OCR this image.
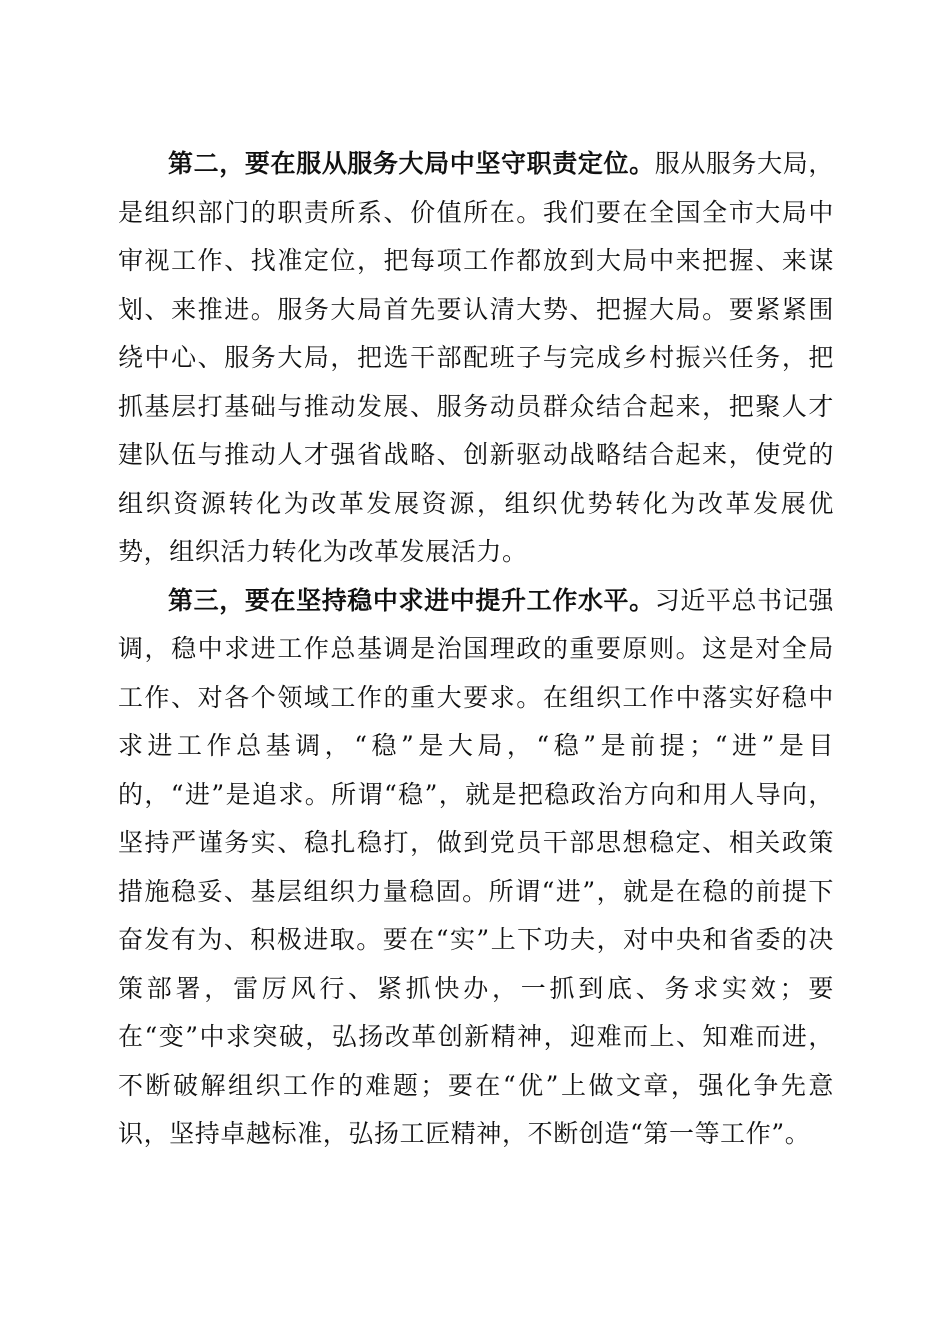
第二，要在服从服务大局中坚守职责定位。服从服务大局，是组织部门的职责所系、价值所在。我们要在全国全市大局中审视工作、找准定位，把每项工作都放到大局中来把握、来谋划、来推进。服务大局首先要认清大势、把握大局。要紧紧围绕中心、服务大局，把选干部配班子与完成乡村振兴任务，把抓基层打基础与推动发展、服务动员群众结合起来，把聚人才建队伍与推动人才强省战略、创新驱动战略结合起来，使党的组织资源转化为改革发展资源，组织优势转化为改革发展优势，组织活力转化为改革发展活力。

第三，要在坚持稳中求进中提升工作水平。习近平总书记强调，稳中求进工作总基调是治国理政的重要原则。这是对全局工作、对各个领域工作的重大要求。在组织工作中落实好稳中求进工作总基调，“稳”是大局，“稳”是前提；“进”是目的，“进”是追求。所谓“稳”，就是把稳政治方向和用人导向，坚持严谨务实、稳扎稳打，做到党员干部思想稳定、相关政策措施稳妥、基层组织力量稳固。所谓“进”，就是在稳的前提下奋发有为、积极进取。要在“实”上下功夫，对中央和省委的决策部署，雷厉风行、紧抓快办，一抓到底、务求实效；要在“变”中求突破，弘扬改革创新精神，迎难而上、知难而进，不断破解组织工作的难题；要在“优”上做文章，强化争先意识，坚持卓越标准，弘扬工匠精神，不断创造“第一等工作”。
